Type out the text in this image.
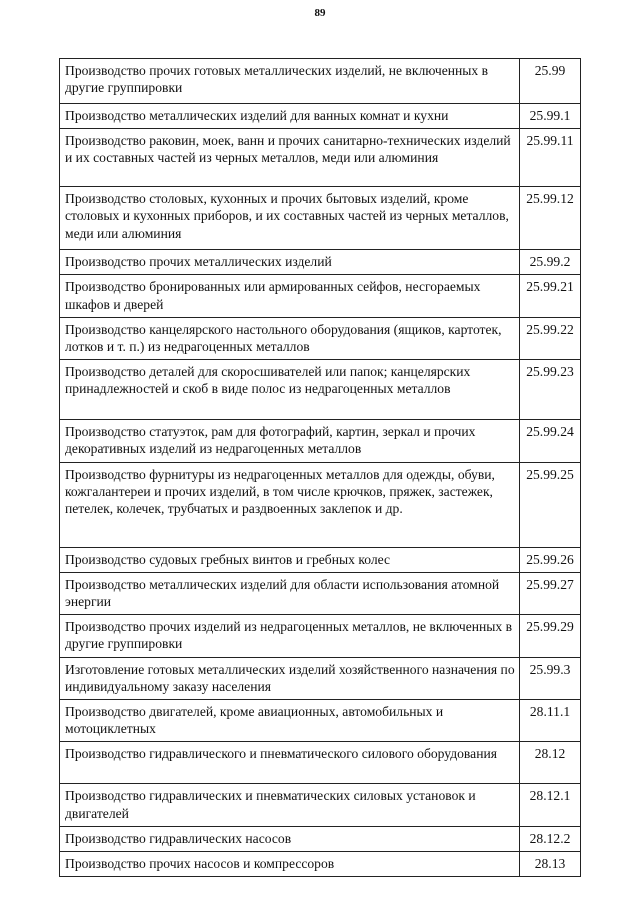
89
Производство прочих готовых металлических изделий, не включенных в другие группировки	25.99
Производство металлических изделий для ванных комнат и кухни	25.99.1
Производство раковин, моек, ванн и прочих санитарно-технических изделий и их составных частей из черных металлов, меди или алюминия	25.99.11
Производство столовых, кухонных и прочих бытовых изделий, кроме столовых и кухонных приборов, и их составных частей из черных металлов, меди или алюминия	25.99.12
Производство прочих металлических изделий	25.99.2
Производство бронированных или армированных сейфов, несгораемых шкафов и дверей	25.99.21
Производство канцелярского настольного оборудования (ящиков, картотек, лотков и т. п.) из недрагоценных металлов	25.99.22
Производство деталей для скоросшивателей или папок; канцелярских принадлежностей и скоб в виде полос из недрагоценных металлов	25.99.23
Производство статуэток, рам для фотографий, картин, зеркал и прочих декоративных изделий из недрагоценных металлов	25.99.24
Производство фурнитуры из недрагоценных металлов для одежды, обуви, кожгалантереи и прочих изделий, в том числе крючков, пряжек, застежек, петелек, колечек, трубчатых и раздвоенных заклепок и др.	25.99.25
Производство судовых гребных винтов и гребных колес	25.99.26
Производство металлических изделий для области использования атомной энергии	25.99.27
Производство прочих изделий из недрагоценных металлов, не включенных в другие группировки	25.99.29
Изготовление готовых металлических изделий хозяйственного назначения по индивидуальному заказу населения	25.99.3
Производство двигателей, кроме авиационных, автомобильных и мотоциклетных	28.11.1
Производство гидравлического и пневматического силового оборудования	28.12
Производство гидравлических и пневматических силовых установок и двигателей	28.12.1
Производство гидравлических насосов	28.12.2
Производство прочих насосов и компрессоров	28.13
